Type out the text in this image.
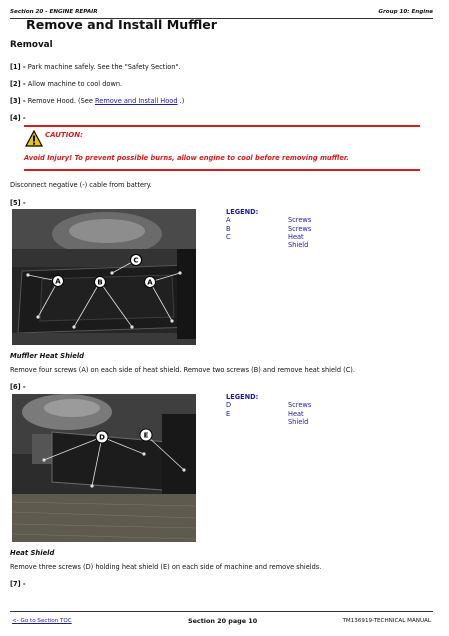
Section 20 - ENGINE REPAIR	Group 10: Engine
Remove and Install Muffler
Removal
[1] - Park machine safely. See the "Safety Section".
[2] - Allow machine to cool down.
[3] - Remove Hood. (See Remove and Install Hood .)
[4] -
CAUTION:
Avoid Injury! To prevent possible burns, allow engine to cool before removing muffler.
Disconnect negative (-) cable from battery.
[5] -
A	B	A
C
LEGEND:
A	Screws
B	Screws
C	Heat Shield
Muffler Heat Shield
Remove four screws (A) on each side of heat shield. Remove two screws (B) and remove heat shield (C).
[6] -
D	E
LEGEND:
D	Screws
E	Heat Shield
Heat Shield
Remove three screws (D) holding heat shield (E) on each side of machine and remove shields.
[7] -
<- Go to Section TOC	Section 20 page 10	TM136919-TECHNICAL MANUAL
